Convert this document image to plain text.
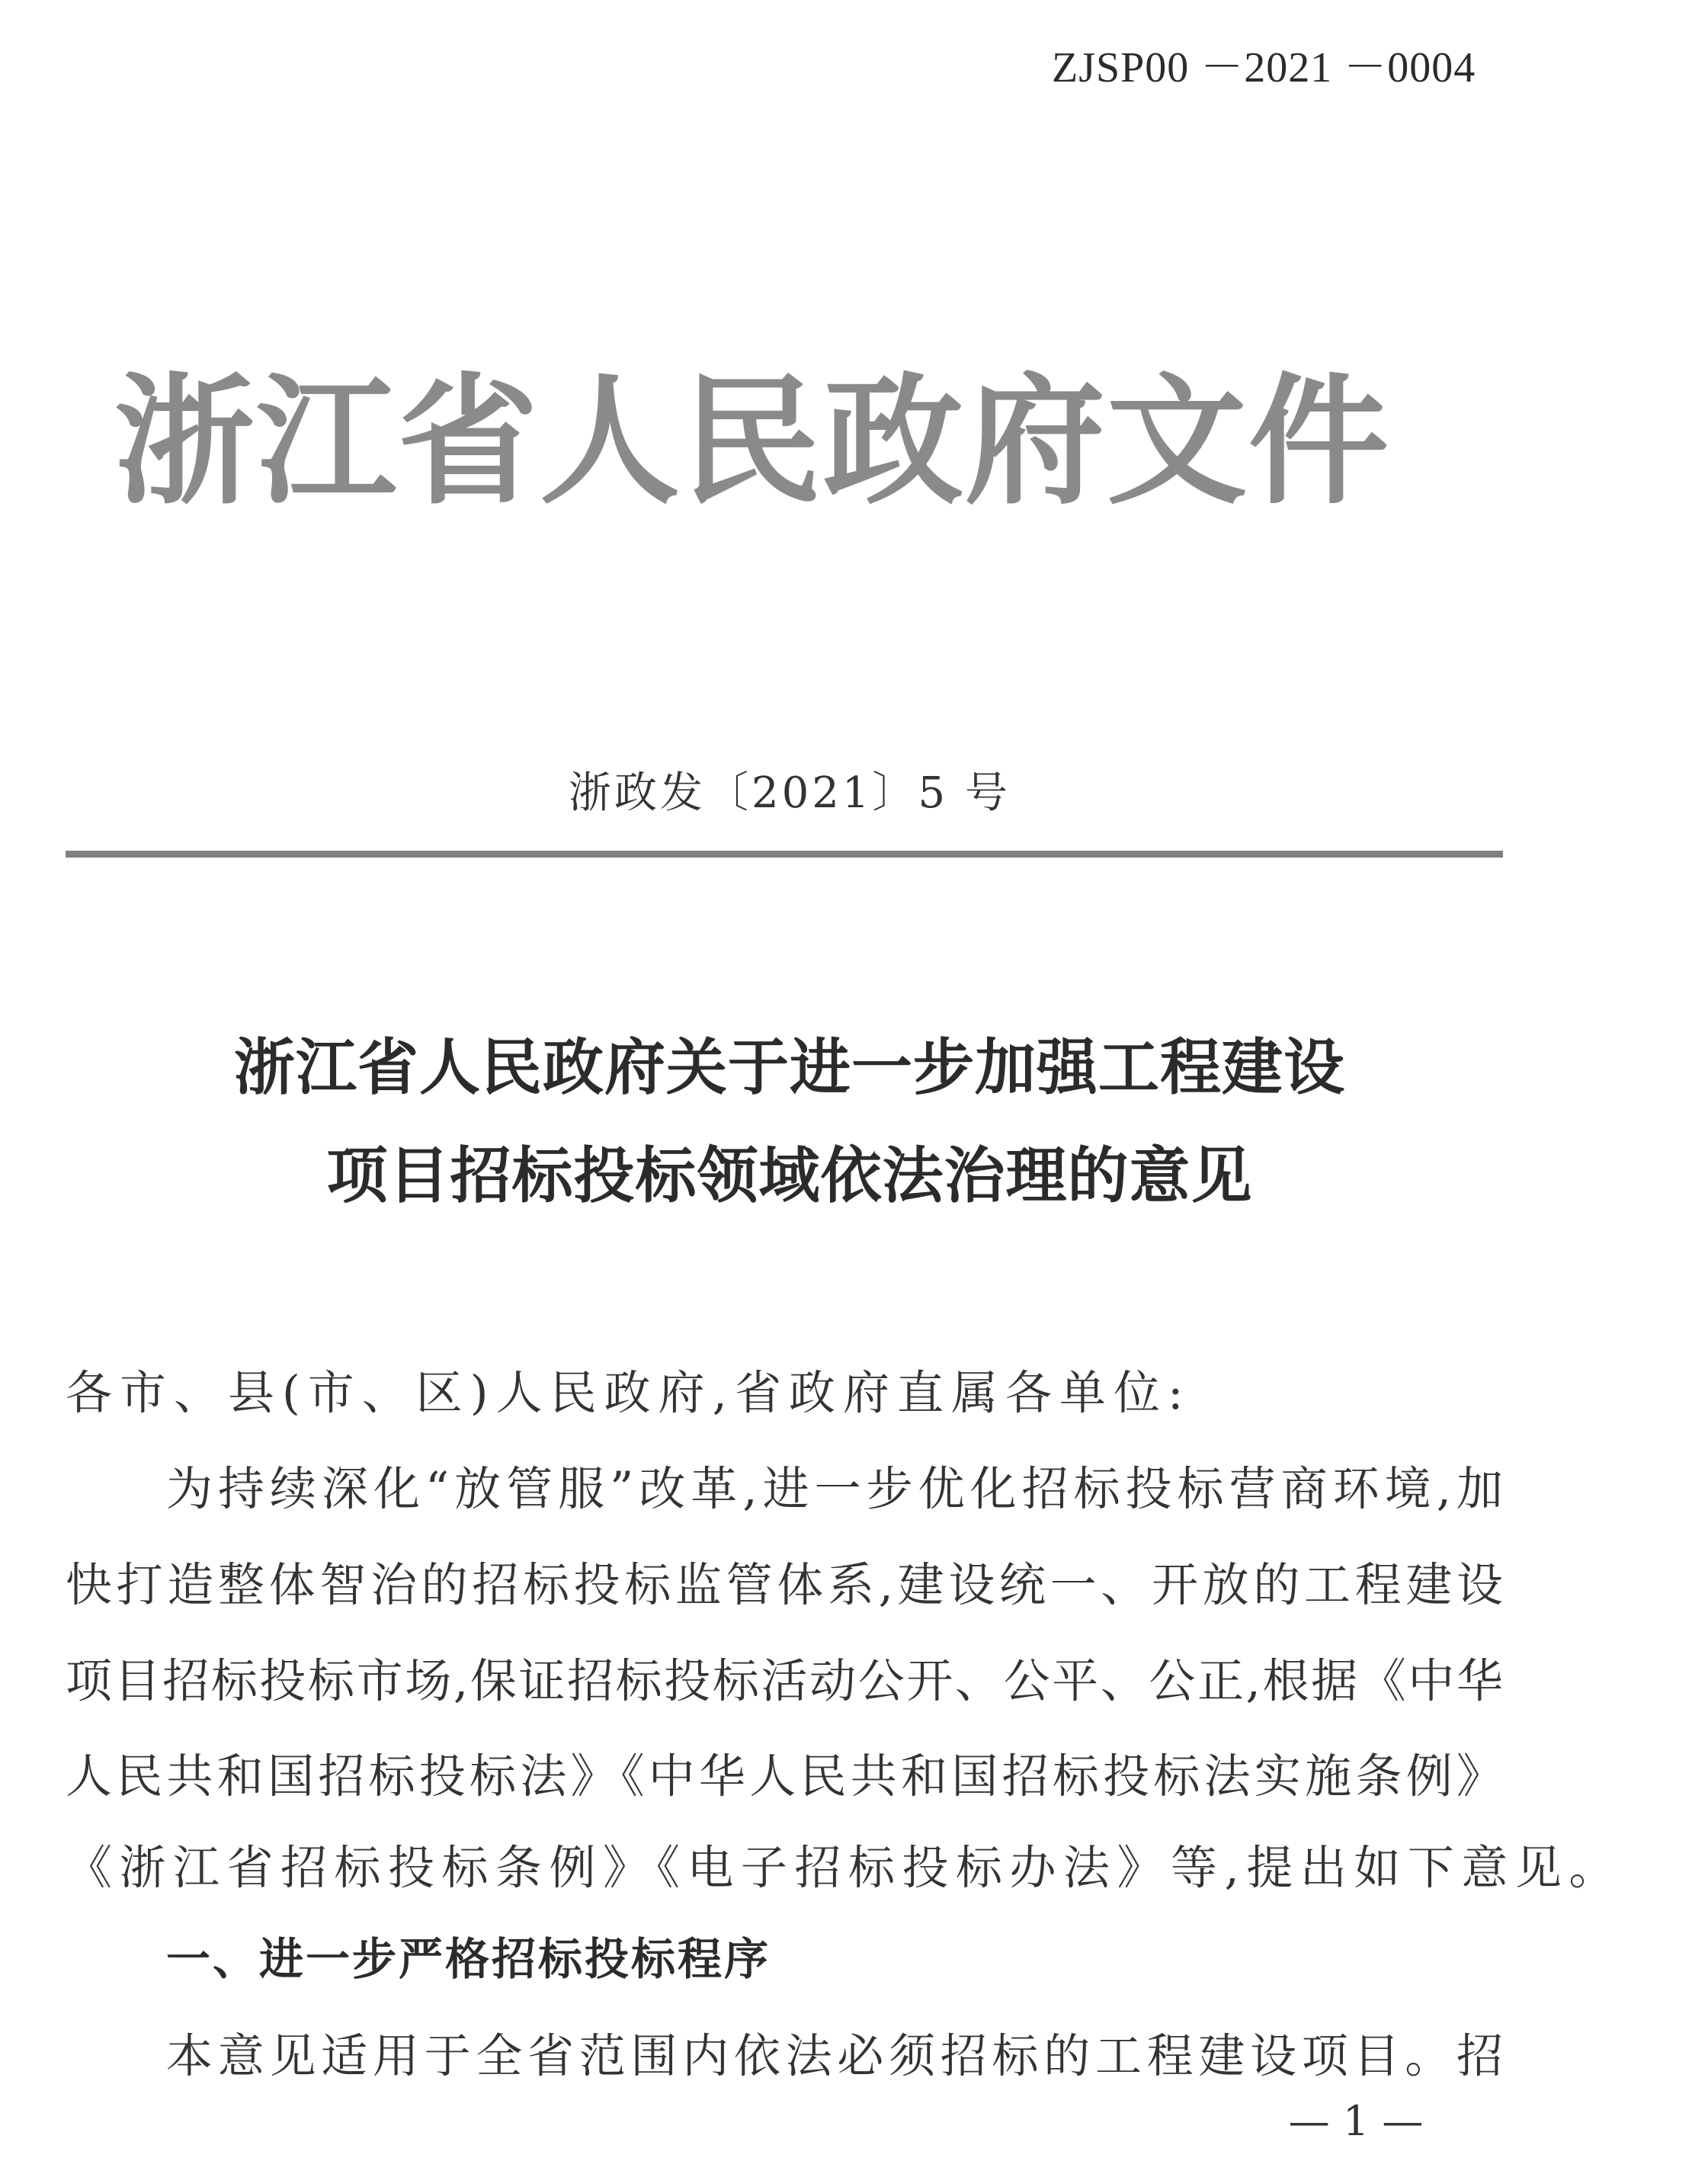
ZJSP00 －2021 －0004
浙江省人民政府文件
浙政发〔2021〕5 号
浙江省人民政府关于进一步加强工程建设
项目招标投标领域依法治理的意见
各市、县(市、区)人民政府,省政府直属各单位:
为持续深化“放管服”改革,进一步优化招标投标营商环境,加
快打造整体智治的招标投标监管体系,建设统一、开放的工程建设
项目招标投标市场,保证招标投标活动公开、公平、公正,根据《中华
人民共和国招标投标法》《中华人民共和国招标投标法实施条例》
《浙江省招标投标条例》《电子招标投标办法》等,提出如下意见。
一、进一步严格招标投标程序
本意见适用于全省范围内依法必须招标的工程建设项目。招
— 1 —
